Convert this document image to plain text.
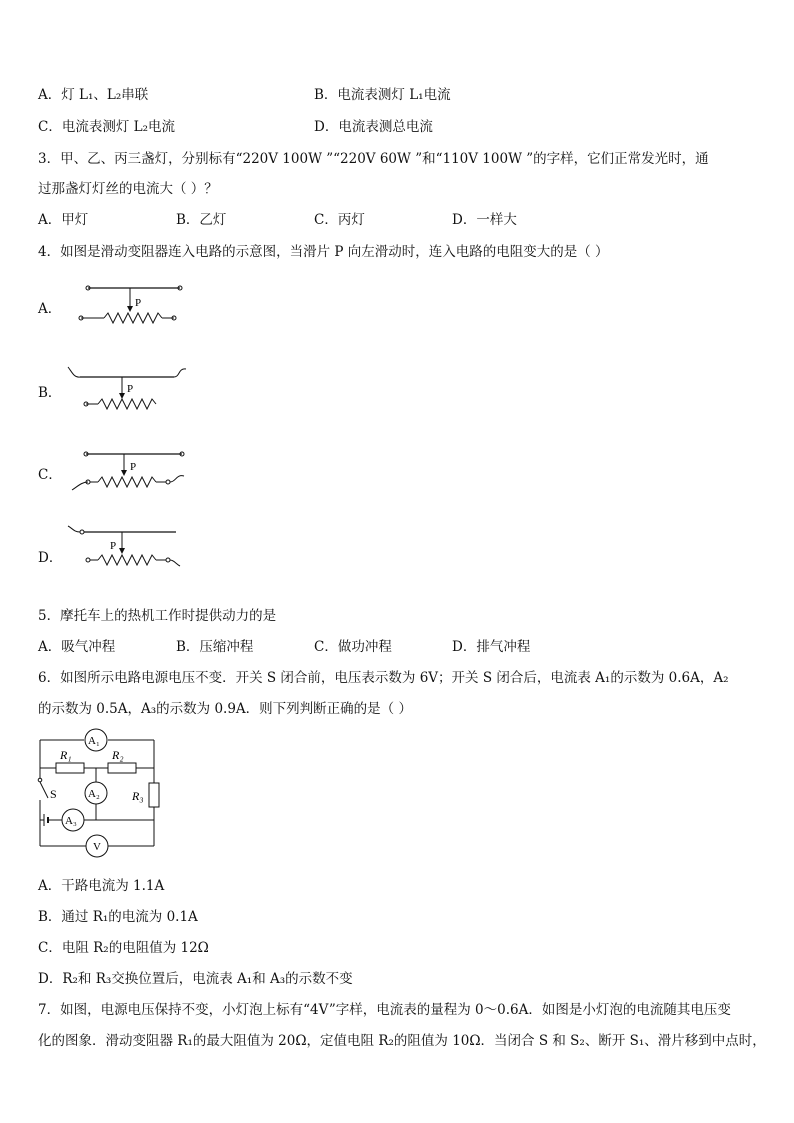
A．灯 L₁、L₂串联	B．电流表测灯 L₁电流
C．电流表测灯 L₂电流	D．电流表测总电流
3．甲、乙、丙三盏灯，分别标有“220V 100W ”“220V 60W ”和“110V 100W ”的字样，它们正常发光时，通
过那盏灯灯丝的电流大（ ）？
A．甲灯	B．乙灯	C．丙灯	D．一样大
4．如图是滑动变阻器连入电路的示意图，当滑片 P 向左滑动时，连入电路的电阻变大的是（ ）
A．	P
B．	P
C．	P
D．
P
5．摩托车上的热机工作时提供动力的是
A．吸气冲程	B．压缩冲程	C．做功冲程	D．排气冲程
6．如图所示电路电源电压不变．开关 S 闭合前，电压表示数为 6V；开关 S 闭合后，电流表 A₁的示数为 0.6A，A₂
的示数为 0.5A，A₃的示数为 0.9A．则下列判断正确的是（ ）
S
A₁
R₁	R₂
A₂	R₃
A₃
V
A．干路电流为 1.1A
B．通过 R₁的电流为 0.1A
C．电阻 R₂的电阻值为 12Ω
D．R₂和 R₃交换位置后，电流表 A₁和 A₃的示数不变
7．如图，电源电压保持不变，小灯泡上标有“4V”字样，电流表的量程为 0～0.6A．如图是小灯泡的电流随其电压变
化的图象．滑动变阻器 R₁的最大阻值为 20Ω，定值电阻 R₂的阻值为 10Ω．当闭合 S 和 S₂、断开 S₁、滑片移到中点时，
